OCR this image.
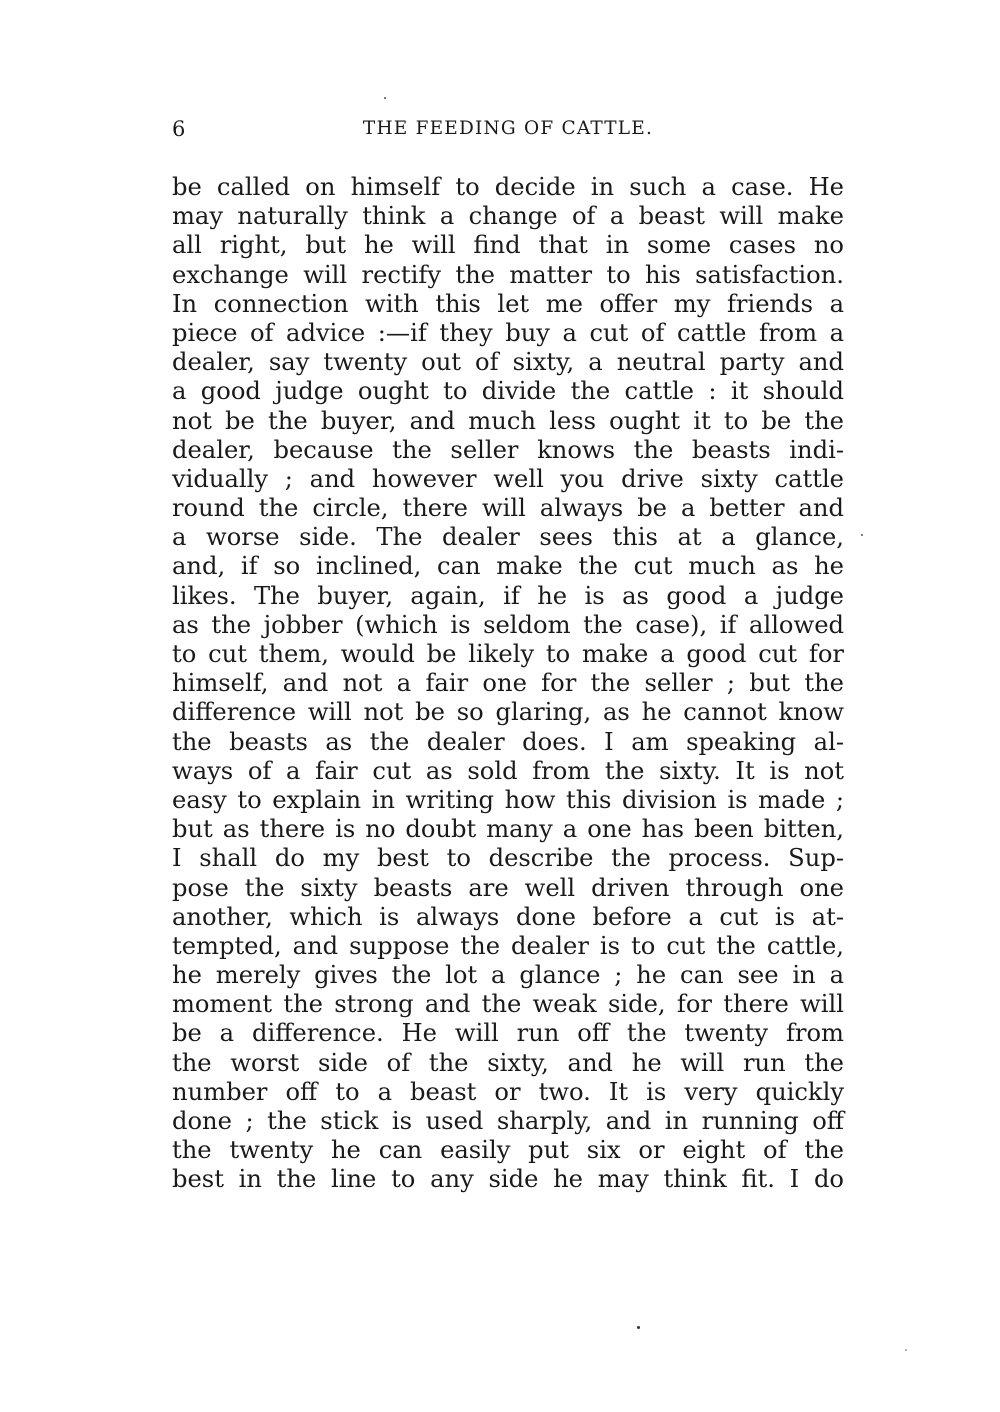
6	THE FEEDING OF CATTLE.
be called on himself to decide in such a case. He
may naturally think a change of a beast will make
all right, but he will find that in some cases no
exchange will rectify the matter to his satisfaction.
In connection with this let me offer my friends a
piece of advice :—if they buy a cut of cattle from a
dealer, say twenty out of sixty, a neutral party and
a good judge ought to divide the cattle : it should
not be the buyer, and much less ought it to be the
dealer, because the seller knows the beasts indi-
vidually ; and however well you drive sixty cattle
round the circle, there will always be a better and
a worse side. The dealer sees this at a glance,
and, if so inclined, can make the cut much as he
likes. The buyer, again, if he is as good a judge
as the jobber (which is seldom the case), if allowed
to cut them, would be likely to make a good cut for
himself, and not a fair one for the seller ; but the
difference will not be so glaring, as he cannot know
the beasts as the dealer does. I am speaking al-
ways of a fair cut as sold from the sixty. It is not
easy to explain in writing how this division is made ;
but as there is no doubt many a one has been bitten,
I shall do my best to describe the process. Sup-
pose the sixty beasts are well driven through one
another, which is always done before a cut is at-
tempted, and suppose the dealer is to cut the cattle,
he merely gives the lot a glance ; he can see in a
moment the strong and the weak side, for there will
be a difference. He will run off the twenty from
the worst side of the sixty, and he will run the
number off to a beast or two. It is very quickly
done ; the stick is used sharply, and in running off
the twenty he can easily put six or eight of the
best in the line to any side he may think fit. I do
